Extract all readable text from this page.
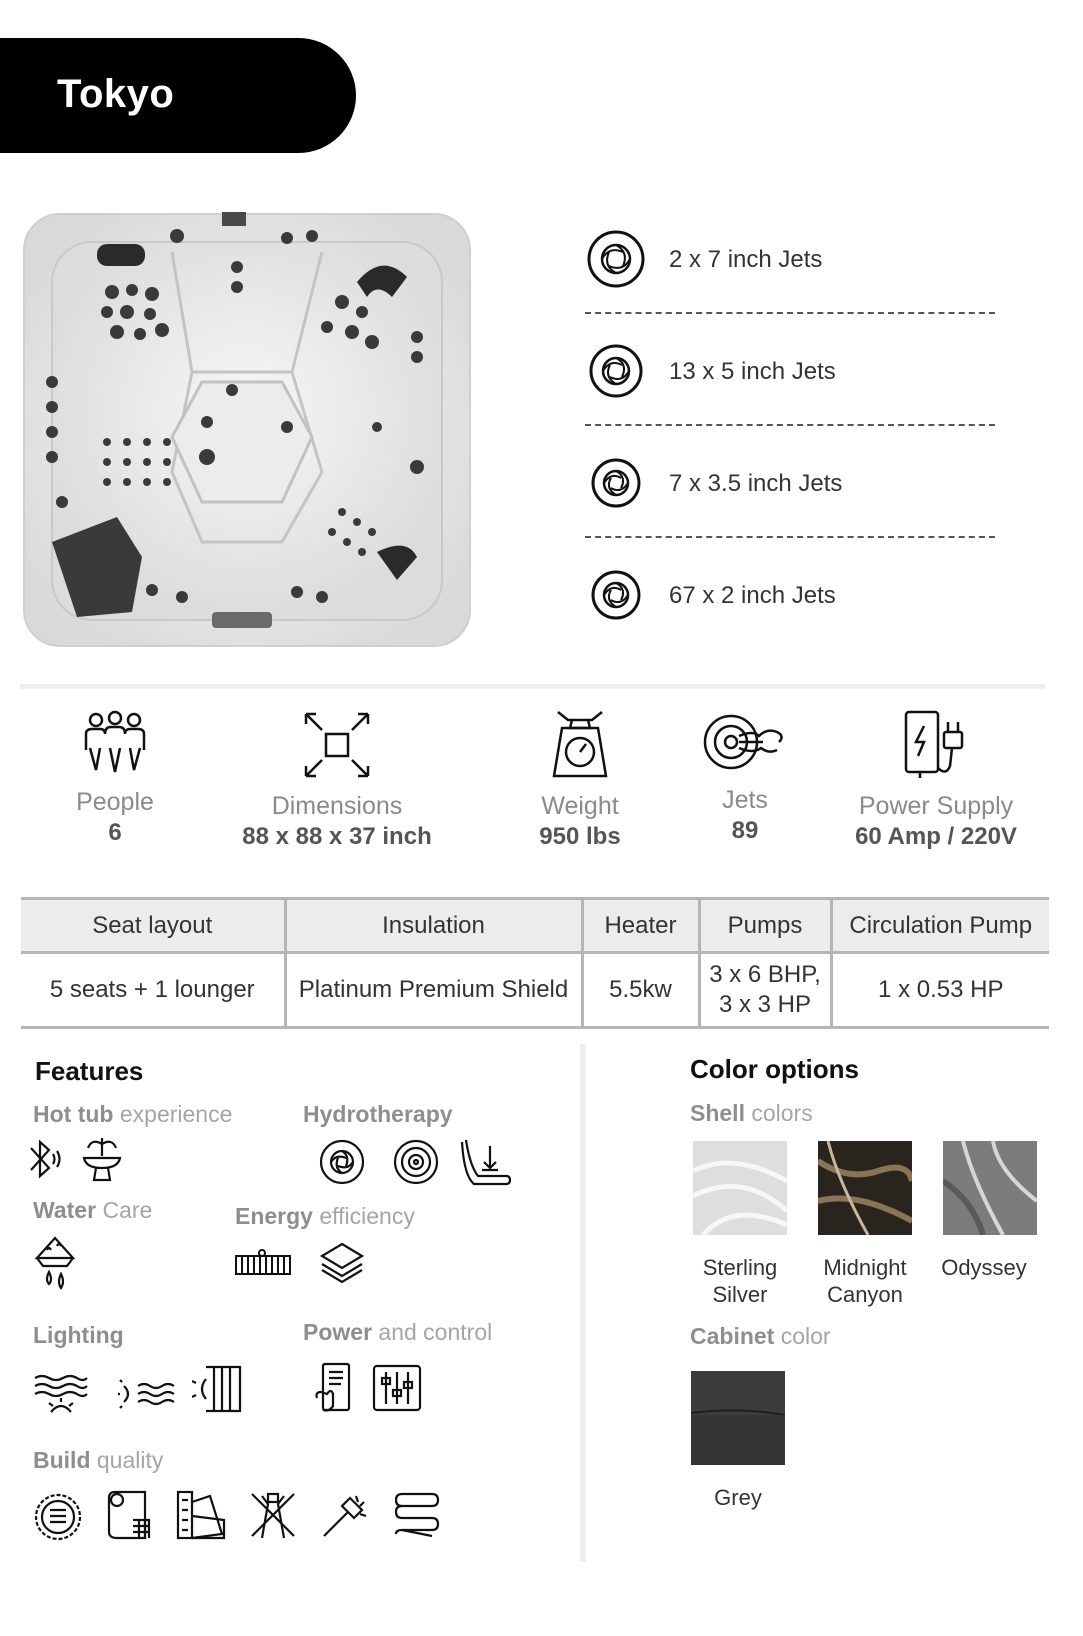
Tokyo
2 x 7 inch Jets
13 x 5 inch Jets
7 x 3.5 inch Jets
67 x 2 inch Jets
People
6
Dimensions
88 x 88 x 37 inch
Weight
950 lbs
Jets
89
Power Supply
60 Amp / 220V
Seat layout	Insulation	Heater	Pumps	Circulation Pump
5 seats + 1 lounger	Platinum Premium Shield	5.5kw	3 x 6 BHP,
3 x 3 HP	1 x 0.53 HP
Features
Hot tub experience	Hydrotherapy
Water Care	Energy efficiency
Lighting	Power and control
Build quality
Color options
Shell colors
Sterling
Silver
Midnight
Canyon
Odyssey
Cabinet color
Grey
